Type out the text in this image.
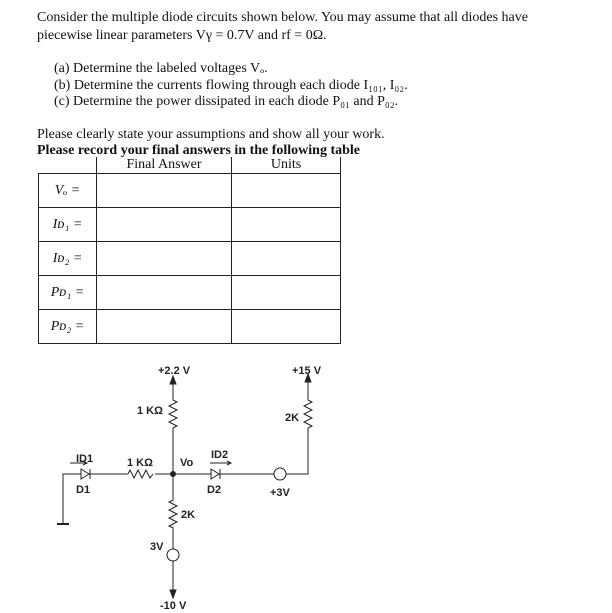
Consider the multiple diode circuits shown below. You may assume that all diodes have
piecewise linear parameters Vγ = 0.7V and rf = 0Ω.
(a) Determine the labeled voltages Vₒ.
(b) Determine the currents flowing through each diode I₁₀₁, I₀₂.
(c) Determine the power dissipated in each diode P₀₁ and P₀₂.
Please clearly state your assumptions and show all your work.
Please record your final answers in the following table
	Final Answer	Units
Vₒ =		
Iᴅ₁ =		
Iᴅ₂ =		
Pᴅ₁ =		
Pᴅ₂ =		
+2.2 V	+15 V
1 KΩ
2K
1 KΩ Vo
ID1	ID2
D1	D2	+3V
2K
3V
-10 V
